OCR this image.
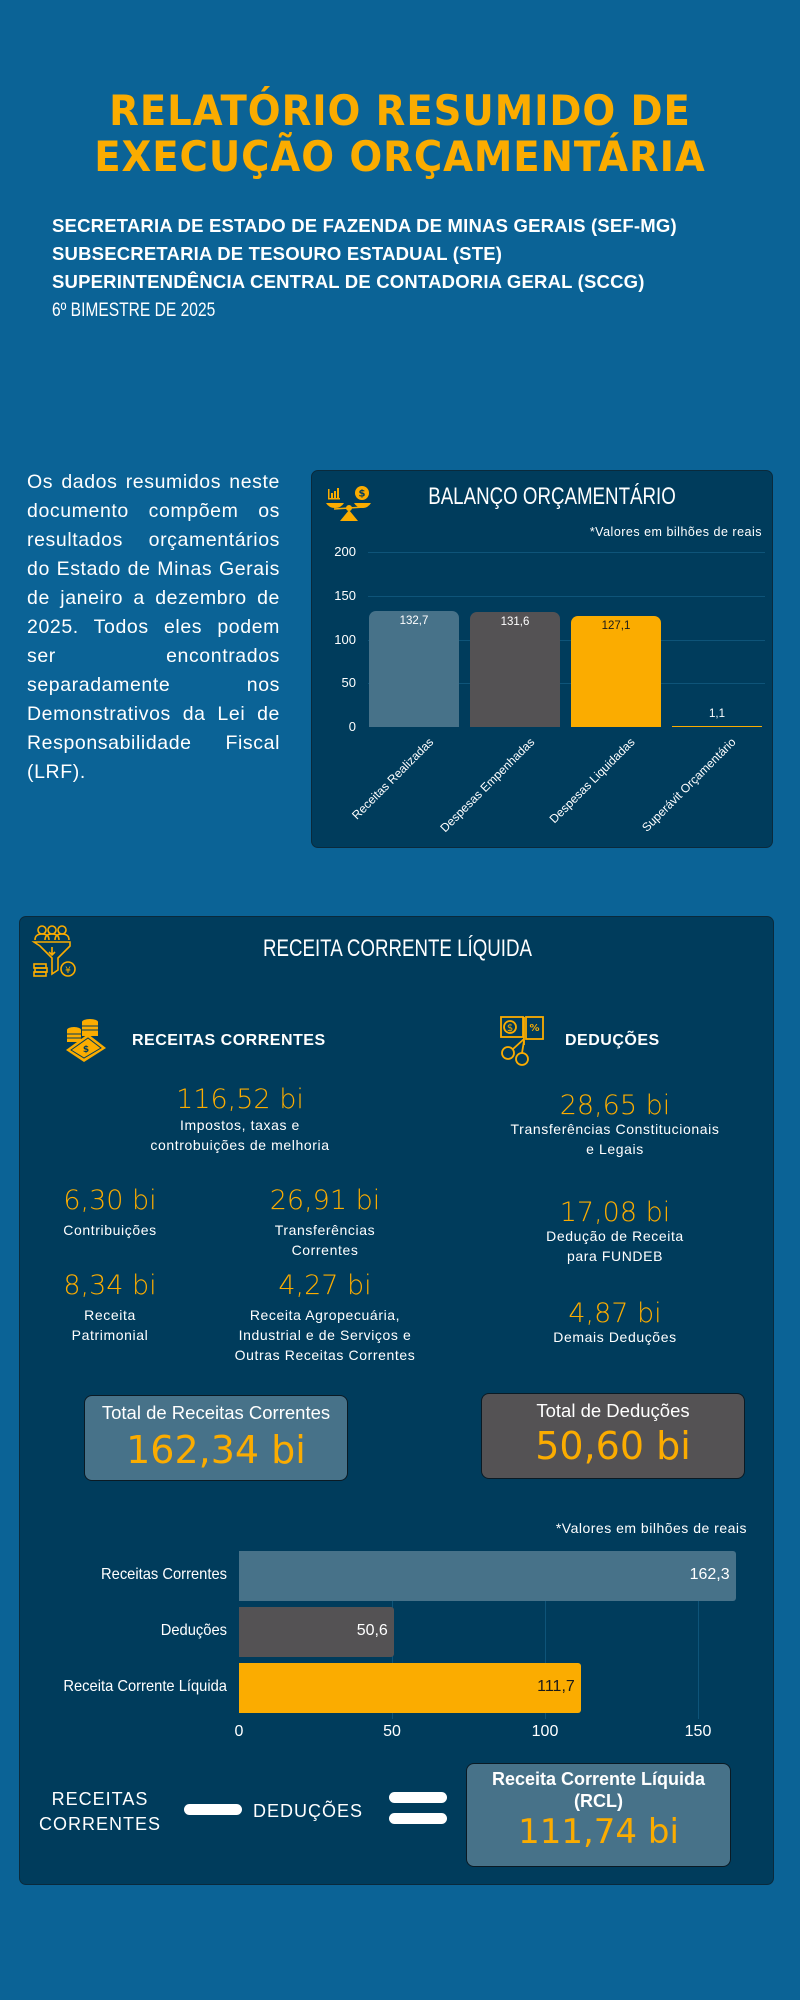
RELATÓRIO RESUMIDO DE
EXECUÇÃO ORÇAMENTÁRIA
SECRETARIA DE ESTADO DE FAZENDA DE MINAS GERAIS (SEF-MG)
SUBSECRETARIA DE TESOURO ESTADUAL (STE)
SUPERINTENDÊNCIA CENTRAL DE CONTADORIA GERAL (SCCG)
6º BIMESTRE DE 2025
Os dados resumidos neste documento compõem os resultados orçamentários do Estado de Minas Gerais de janeiro a dezembro de 2025. Todos eles podem ser encontrados separadamente nos Demonstrativos da Lei de Responsabilidade Fiscal (LRF).
$	BALANÇO ORÇAMENTÁRIO
*Valores em bilhões de reais
0
50
100
150
200
132,7
Receitas Realizadas
131,6
Despesas Empenhadas
127,1
Despesas Liquidadas
1,1
Superávit Orçamentário
¥
RECEITA CORRENTE LÍQUIDA
$
RECEITAS CORRENTES
$ %
DEDUÇÕES
116,52 bi
Impostos, taxas e controbuições de melhoria
6,30 bi
Contribuições
26,91 bi
Transferências Correntes
8,34 bi
Receita Patrimonial
4,27 bi
Receita Agropecuária, Industrial e de Serviços e Outras Receitas Correntes
28,65 bi
Transferências Constitucionais e Legais
17,08 bi
Dedução de Receita para FUNDEB
4,87 bi
Demais Deduções
Total de Receitas Correntes
162,34 bi
Total de Deduções
50,60 bi
*Valores em bilhões de reais
0	50	100	150
Receitas Correntes	162,3
Deduções	50,6
Receita Corrente Líquida	111,7
RECEITAS CORRENTES
DEDUÇÕES
Receita Corrente Líquida (RCL)
111,74 bi
